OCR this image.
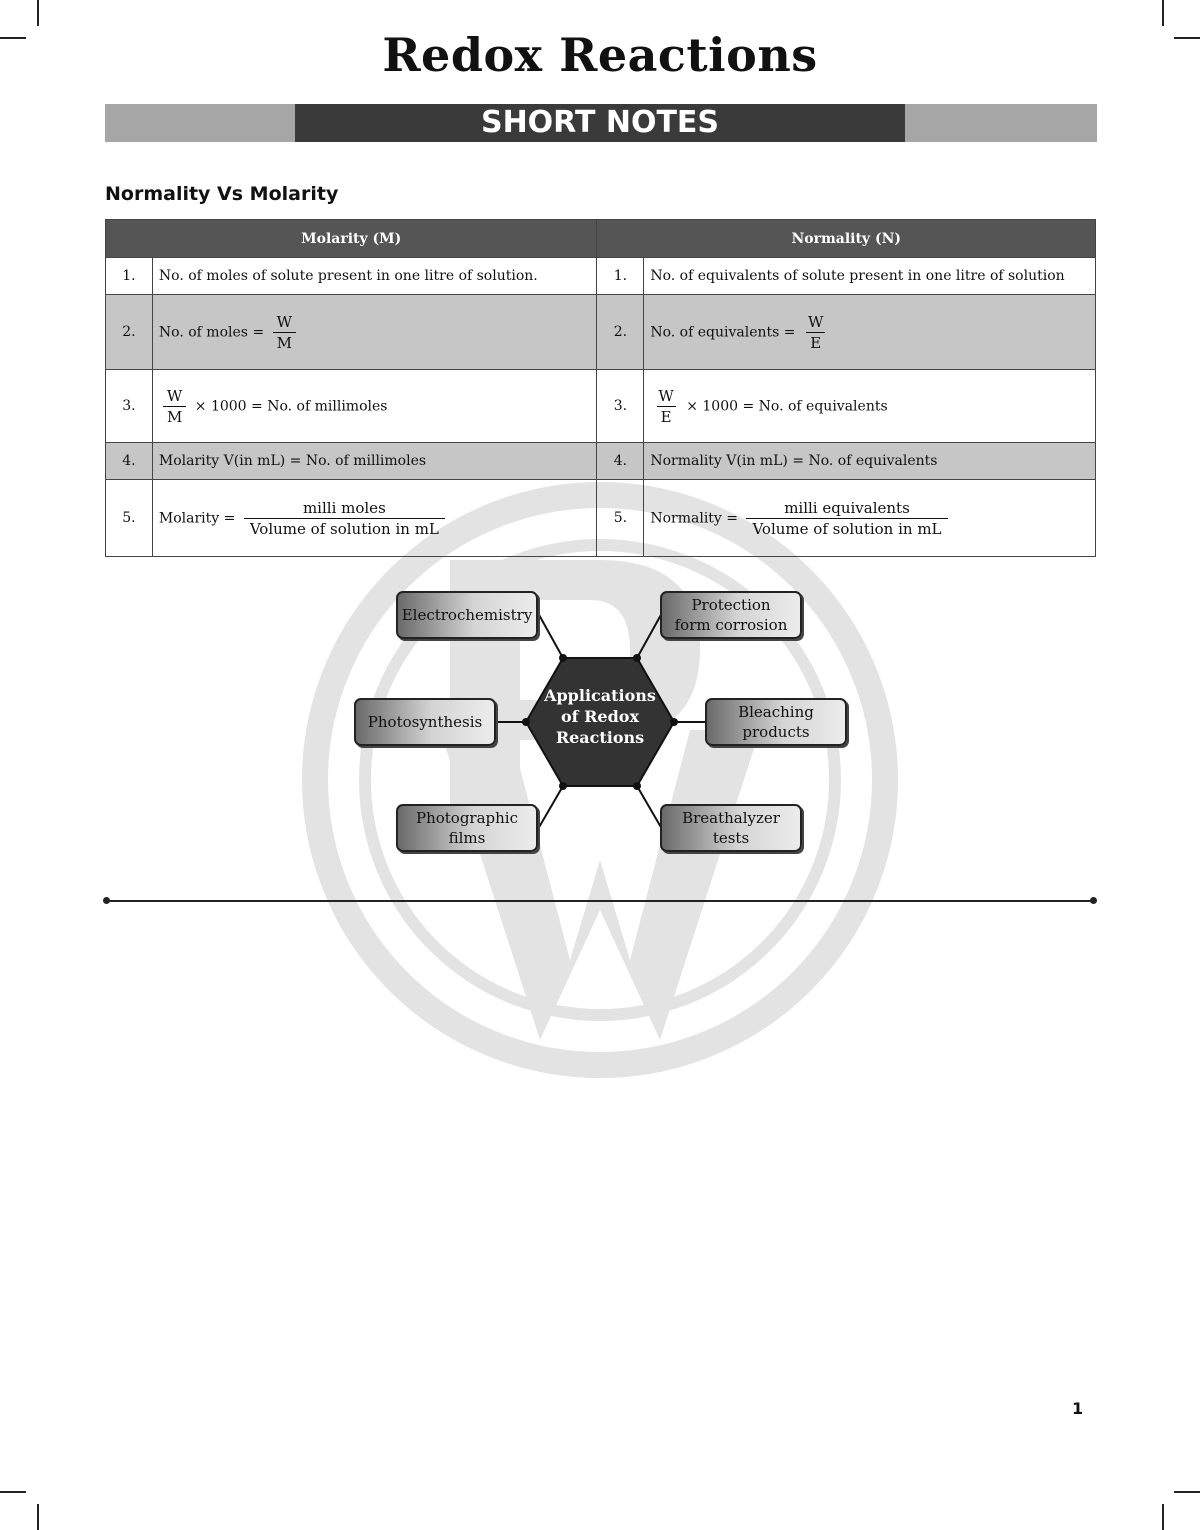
Redox Reactions
SHORT NOTES
Normality Vs Molarity
Molarity (M)		Normality (N)	
1.	No. of moles of solute present in one litre of solution.	1.	No. of equivalents of solute present in one litre of solution
2.	No. of moles = $\frac{W}{M}$	2.	No. of equivalents = $\frac{W}{E}$

3.	$\frac{W}{M} \times 1000 = No$. of millimoles	3.	$\frac{W}{E} \times 1000 = No$. of equivalents
4.	Molarity V(in mL) = No. of millimoles	4.	Normality V(in mL) = No. of equivalents
5.	Molarity = $\frac{\text{milli moles}}{\text{Volume of solution in mL}}$	5.	Normality = $\frac{\text{milli equivalents}}{\text{Volume of solution in mL}}$
Applications
of Redox
Reactions
Electrochemistry
Protection
form corrosion
Photosynthesis
Bleaching
products
Photographic
films
Breathalyzer
tests
1
